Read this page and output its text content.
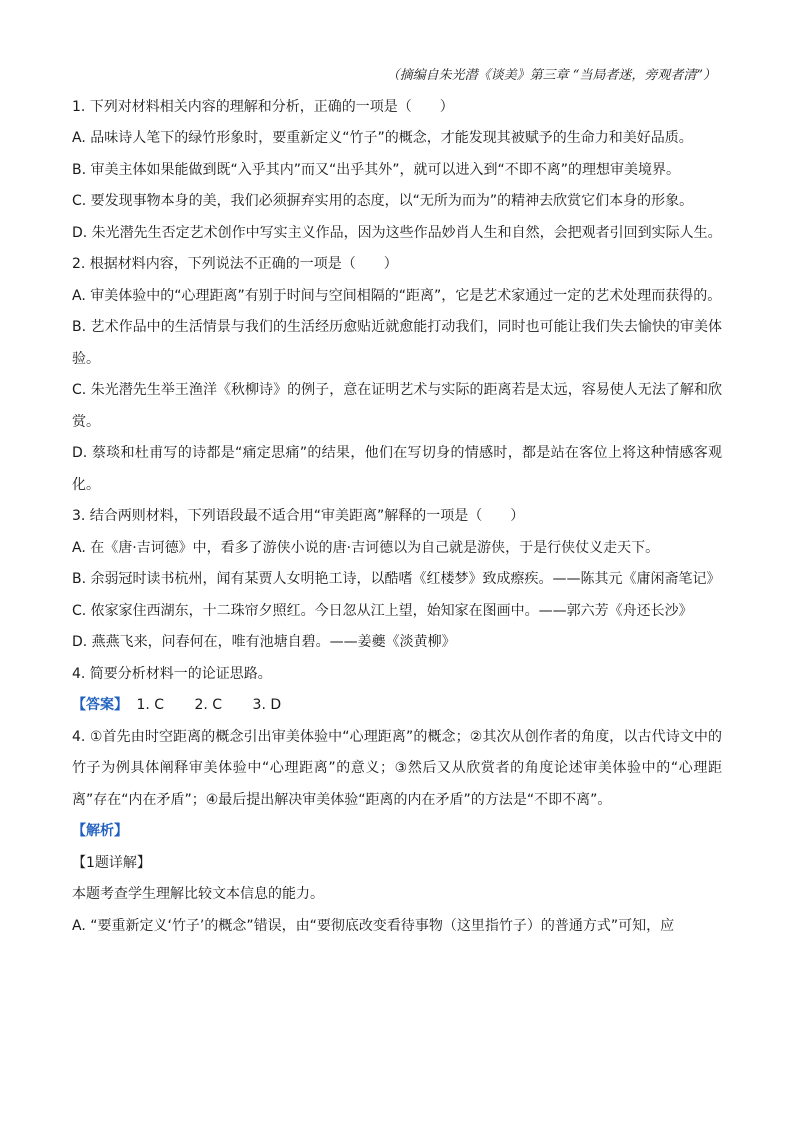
（摘编自朱光潜《谈美》第三章 “当局者迷，旁观者清”）

1. 下列对材料相关内容的理解和分析，正确的一项是（　　）

A. 品味诗人笔下的绿竹形象时，要重新定义“竹子”的概念，才能发现其被赋予的生命力和美好品质。

B. 审美主体如果能做到既“入乎其内”而又“出乎其外”，就可以进入到“不即不离”的理想审美境界。

C. 要发现事物本身的美，我们必须摒弃实用的态度，以“无所为而为”的精神去欣赏它们本身的形象。

D. 朱光潜先生否定艺术创作中写实主义作品，因为这些作品妙肖人生和自然，会把观者引回到实际人生。

2. 根据材料内容，下列说法不正确的一项是（　　）

A. 审美体验中的“心理距离”有别于时间与空间相隔的“距离”，它是艺术家通过一定的艺术处理而获得的。

B. 艺术作品中的生活情景与我们的生活经历愈贴近就愈能打动我们，同时也可能让我们失去愉快的审美体验。

C. 朱光潜先生举王渔洋《秋柳诗》的例子，意在证明艺术与实际的距离若是太远，容易使人无法了解和欣赏。

D. 蔡琰和杜甫写的诗都是“痛定思痛”的结果，他们在写切身的情感时，都是站在客位上将这种情感客观化。

3. 结合两则材料，下列语段最不适合用“审美距离”解释的一项是（　　）

A. 在《唐·吉诃德》中，看多了游侠小说的唐·吉诃德以为自己就是游侠，于是行侠仗义走天下。

B. 余弱冠时读书杭州，闻有某贾人女明艳工诗，以酷嗜《红楼梦》致成瘵疾。——陈其元《庸闲斋笔记》

C. 侬家家住西湖东，十二珠帘夕照红。今日忽从江上望，始知家在图画中。——郭六芳《舟还长沙》

D. 燕燕飞来，问春何在，唯有池塘自碧。——姜夔《淡黄柳》

4. 简要分析材料一的论证思路。

【答案】 1. C 2. C 3. D

4. ①首先由时空距离的概念引出审美体验中“心理距离”的概念；②其次从创作者的角度，以古代诗文中的竹子为例具体阐释审美体验中“心理距离”的意义；③然后又从欣赏者的角度论述审美体验中的“心理距离”存在“内在矛盾”；④最后提出解决审美体验“距离的内在矛盾”的方法是“不即不离”。

【解析】

【1题详解】

本题考查学生理解比较文本信息的能力。

A. “要重新定义‘竹子’的概念”错误，由“要彻底改变看待事物（这里指竹子）的普通方式”可知，应
